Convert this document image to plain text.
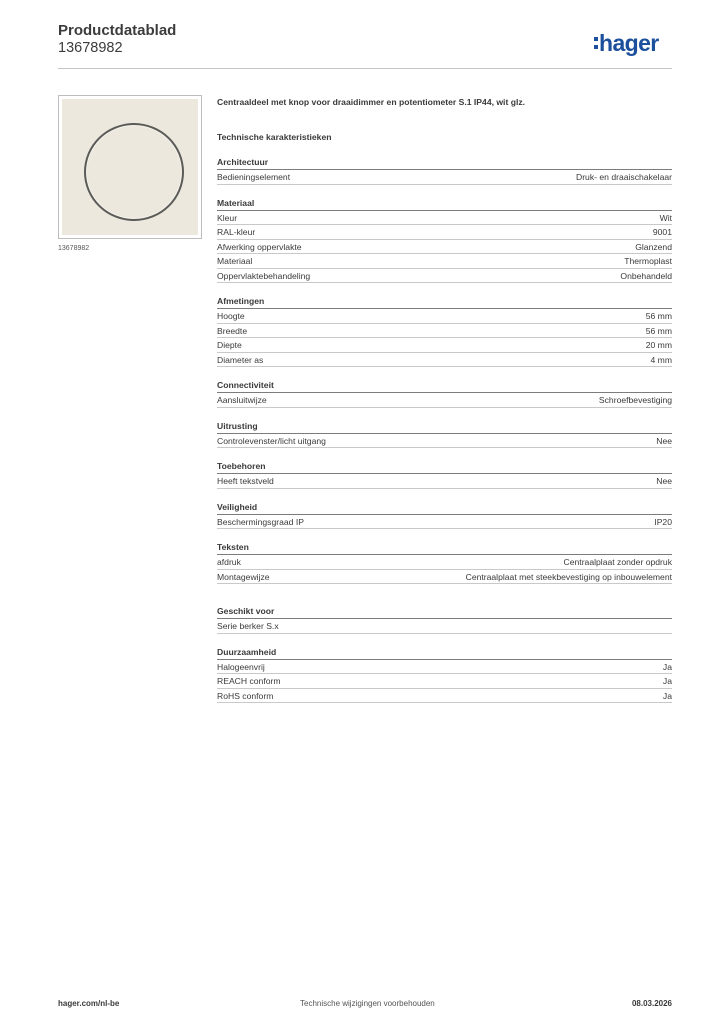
Productdatablad
13678982	hager
13678982
Centraaldeel met knop voor draaidimmer en potentiometer S.1 IP44, wit glz.
Technische karakteristieken
Architectuur
Bedieningselement	Druk- en draaischakelaar
Materiaal
Kleur	Wit
RAL-kleur	9001
Afwerking oppervlakte	Glanzend
Materiaal	Thermoplast
Oppervlaktebehandeling	Onbehandeld
Afmetingen
Hoogte	56 mm
Breedte	56 mm
Diepte	20 mm
Diameter as	4 mm
Connectiviteit
Aansluitwijze	Schroefbevestiging
Uitrusting
Controlevenster/licht uitgang	Nee
Toebehoren
Heeft tekstveld	Nee
Veiligheid
Beschermingsgraad IP	IP20
Teksten
afdruk	Centraalplaat zonder opdruk
Montagewijze	Centraalplaat met steekbevestiging op inbouwelement
Geschikt voor
Serie berker S.x
Duurzaamheid
Halogeenvrij	Ja
REACH conform	Ja
RoHS conform	Ja
hager.com/nl-be	Technische wijzigingen voorbehouden	08.03.2026
